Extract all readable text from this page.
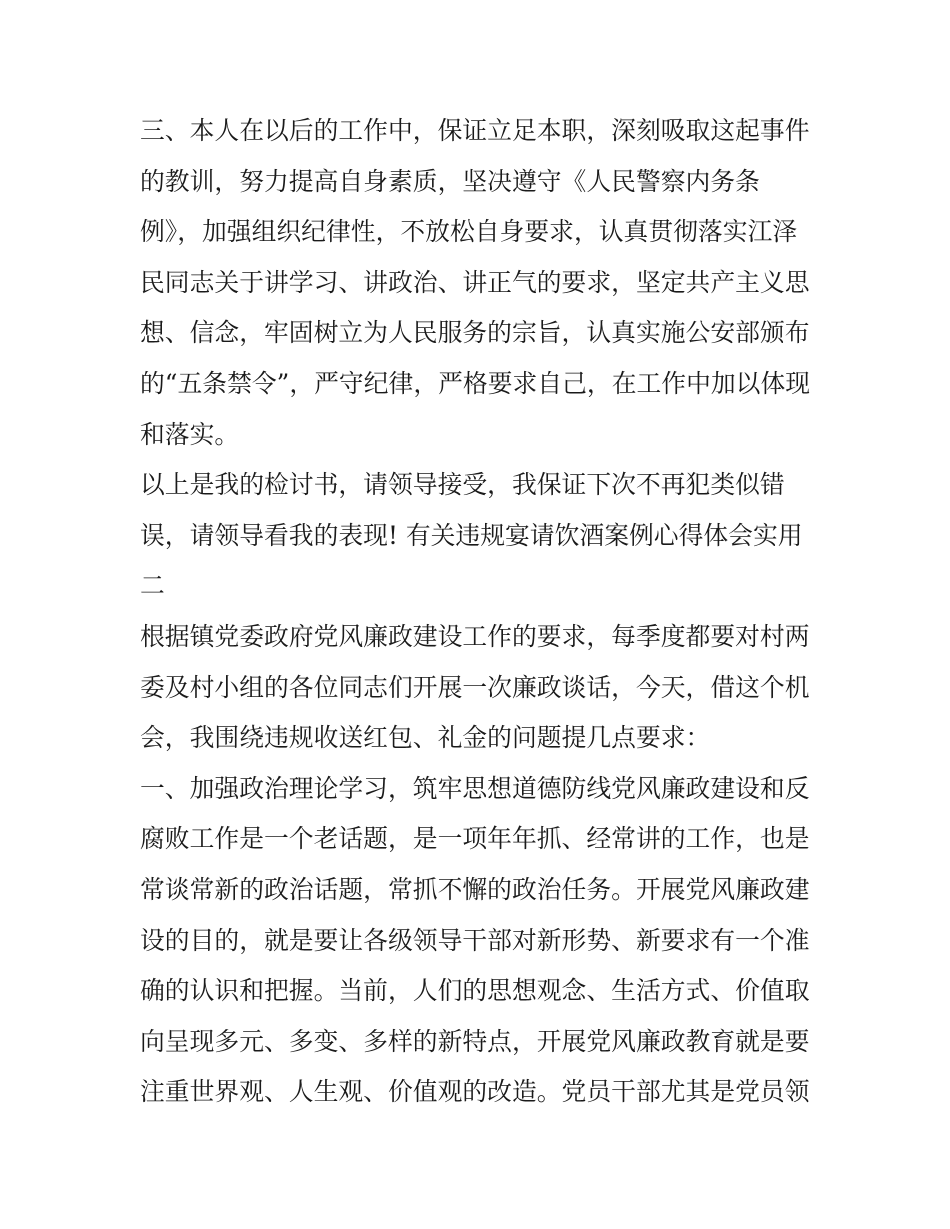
三、本人在以后的工作中，保证立足本职，深刻吸取这起事件
的教训，努力提高自身素质，坚决遵守《人民警察内务条
例》，加强组织纪律性，不放松自身要求，认真贯彻落实江泽
民同志关于讲学习、讲政治、讲正气的要求，坚定共产主义思
想、信念，牢固树立为人民服务的宗旨，认真实施公安部颁布
的“五条禁令”，严守纪律，严格要求自己，在工作中加以体现
和落实。
以上是我的检讨书，请领导接受，我保证下次不再犯类似错
误，请领导看我的表现! 有关违规宴请饮酒案例心得体会实用
二
根据镇党委政府党风廉政建设工作的要求，每季度都要对村两
委及村小组的各位同志们开展一次廉政谈话，今天，借这个机
会，我围绕违规收送红包、礼金的问题提几点要求：
一、加强政治理论学习，筑牢思想道德防线党风廉政建设和反
腐败工作是一个老话题，是一项年年抓、经常讲的工作，也是
常谈常新的政治话题，常抓不懈的政治任务。开展党风廉政建
设的目的，就是要让各级领导干部对新形势、新要求有一个准
确的认识和把握。当前，人们的思想观念、生活方式、价值取
向呈现多元、多变、多样的新特点，开展党风廉政教育就是要
注重世界观、人生观、价值观的改造。党员干部尤其是党员领
